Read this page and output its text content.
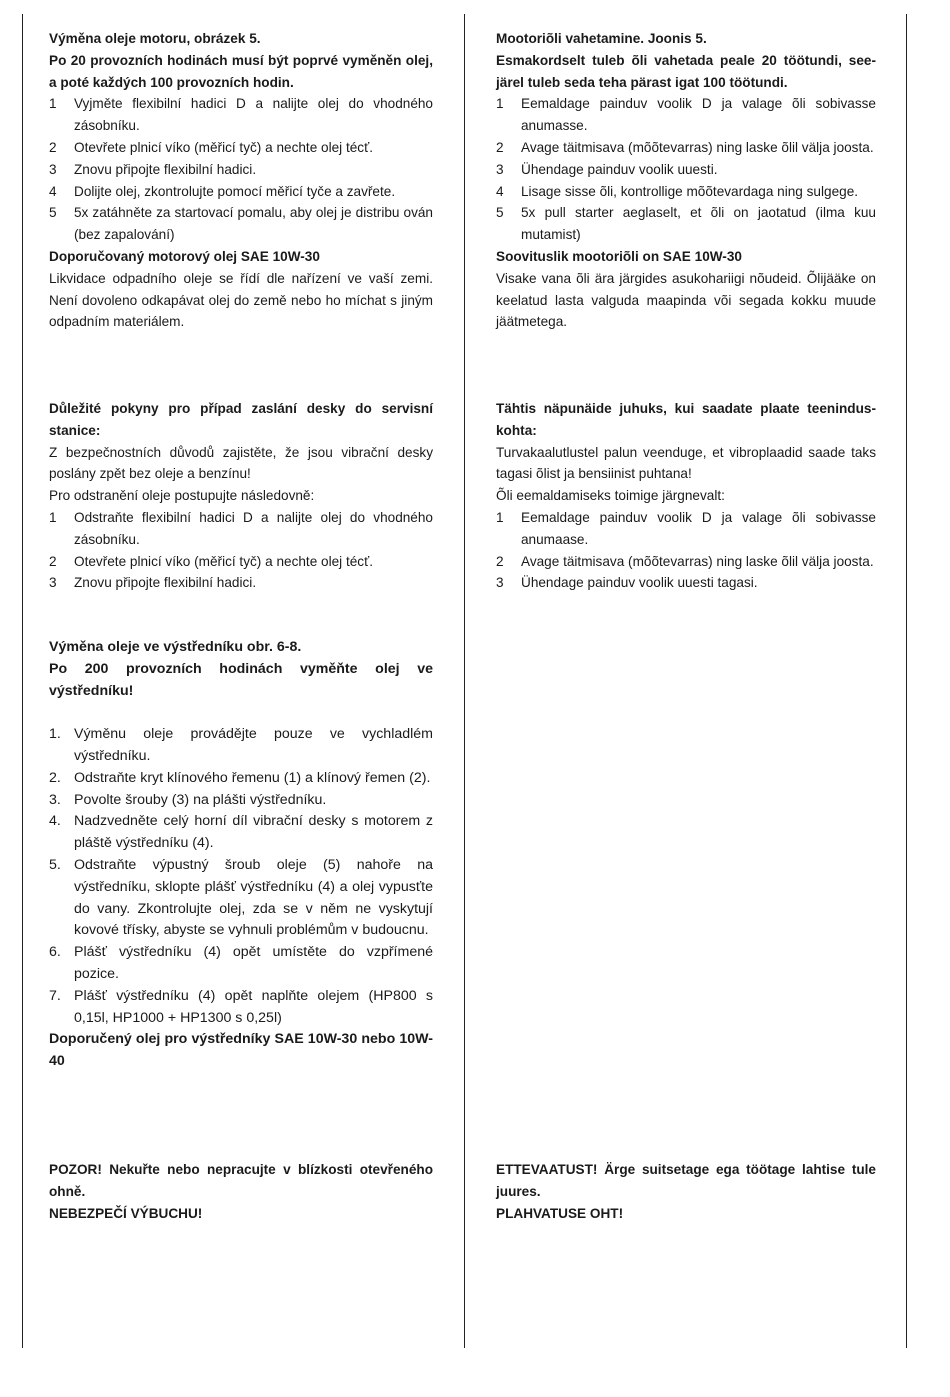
Výměna oleje motoru, obrázek 5.

Po 20 provozních hodinách musí být poprvé vyměněn olej, a poté každých 100 provozních hodin.

1 Vyjměte flexibilní hadici D a nalijte olej do vhodného zásobníku.
2 Otevřete plnicí víko (měřicí tyč) a nechte olej técť.
3 Znovu připojte flexibilní hadici.
4 Dolijte olej, zkontrolujte pomocí měřicí tyče a zavřete.
5 5x zatáhněte za startovací pomalu, aby olej je distribu ován (bez zapalování)

Doporučovaný motorový olej SAE 10W-30

Likvidace odpadního oleje se řídí dle nařízení ve vaší zemi. Není dovoleno odkapávat olej do země nebo ho míchat s jiným odpadním materiálem.

Důležité pokyny pro případ zaslání desky do servisní stanice:

Z bezpečnostních důvodů zajistěte, že jsou vibrační desky poslány zpět bez oleje a benzínu!

Pro odstranění oleje postupujte následovně:

1 Odstraňte flexibilní hadici D a nalijte olej do vhodného zásobníku.
2 Otevřete plnicí víko (měřicí tyč) a nechte olej técť.
3 Znovu připojte flexibilní hadici.

Výměna oleje ve výstředníku obr. 6-8.

Po 200 provozních hodinách vyměňte olej ve výstředníku!

1. Výměnu oleje provádějte pouze ve vychladlém výstředníku.
2. Odstraňte kryt klínového řemenu (1) a klínový řemen (2).
3. Povolte šrouby (3) na plášti výstředníku.
4. Nadzvedněte celý horní díl vibrační desky s motorem z pláště výstředníku (4).
5. Odstraňte výpustný šroub oleje (5) nahoře na výstředníku, sklopte plášť výstředníku (4) a olej vypusťte do vany. Zkontrolujte olej, zda se v něm ne vyskytují kovové třísky, abyste se vyhnuli problémům v budoucnu.
6. Plášť výstředníku (4) opět umístěte do vzpřímené pozice.
7. Plášť výstředníku (4) opět naplňte olejem (HP800 s 0,15l, HP1000 + HP1300 s 0,25l)

Doporučený olej pro výstředníky SAE 10W-30 nebo 10W-40

POZOR! Nekuřte nebo nepracujte v blízkosti otevřeného ohně.

NEBEZPEČÍ VÝBUCHU!

Mootoriõli vahetamine. Joonis 5.

Esmakordselt tuleb õli vahetada peale 20 töötundi, see-järel tuleb seda teha pärast igat 100 töötundi.

1 Eemaldage painduv voolik D ja valage õli sobivasse anumasse.
2 Avage täitmisava (mõõtevarras) ning laske õlil välja joosta.
3 Ühendage painduv voolik uuesti.
4 Lisage sisse õli, kontrollige mõõtevardaga ning sulgege.
5 5x pull starter aeglaselt, et õli on jaotatud (ilma kuu mutamist)

Soovituslik mootoriõli on SAE 10W-30

Visake vana õli ära järgides asukohariigi nõudeid. Õlijääke on keelatud lasta valguda maapinda või segada kokku muude jäätmetega.

Tähtis näpunäide juhuks, kui saadate plaate teenindus-kohta:

Turvakaalutlustel palun veenduge, et vibroplaadid saade taks tagasi õlist ja bensiinist puhtana!

Õli eemaldamiseks toimige järgnevalt:

1 Eemaldage painduv voolik D ja valage õli sobivasse anumaase.
2 Avage täitmisava (mõõtevarras) ning laske õlil välja joosta.
3 Ühendage painduv voolik uuesti tagasi.

ETTEVAATUST! Ärge suitsetage ega töötage lahtise tule juures.

PLAHVATUSE OHT!
